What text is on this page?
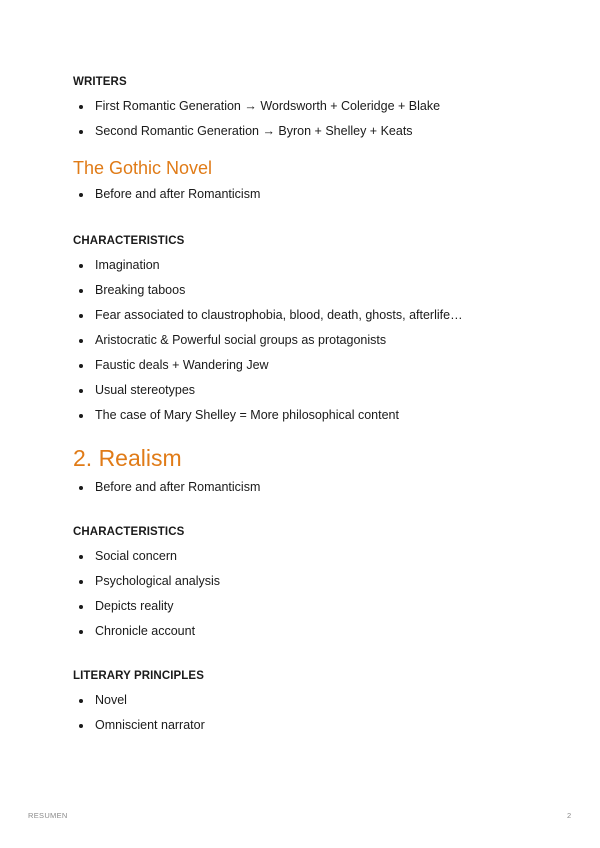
WRITERS
First Romantic Generation → Wordsworth + Coleridge + Blake
Second Romantic Generation → Byron + Shelley + Keats
The Gothic Novel
Before and after Romanticism
CHARACTERISTICS
Imagination
Breaking taboos
Fear associated to claustrophobia, blood, death, ghosts, afterlife…
Aristocratic & Powerful social groups as protagonists
Faustic deals + Wandering Jew
Usual stereotypes
The case of Mary Shelley = More philosophical content
2. Realism
Before and after Romanticism
CHARACTERISTICS
Social concern
Psychological analysis
Depicts reality
Chronicle account
LITERARY PRINCIPLES
Novel
Omniscient narrator
RESUMEN	2
